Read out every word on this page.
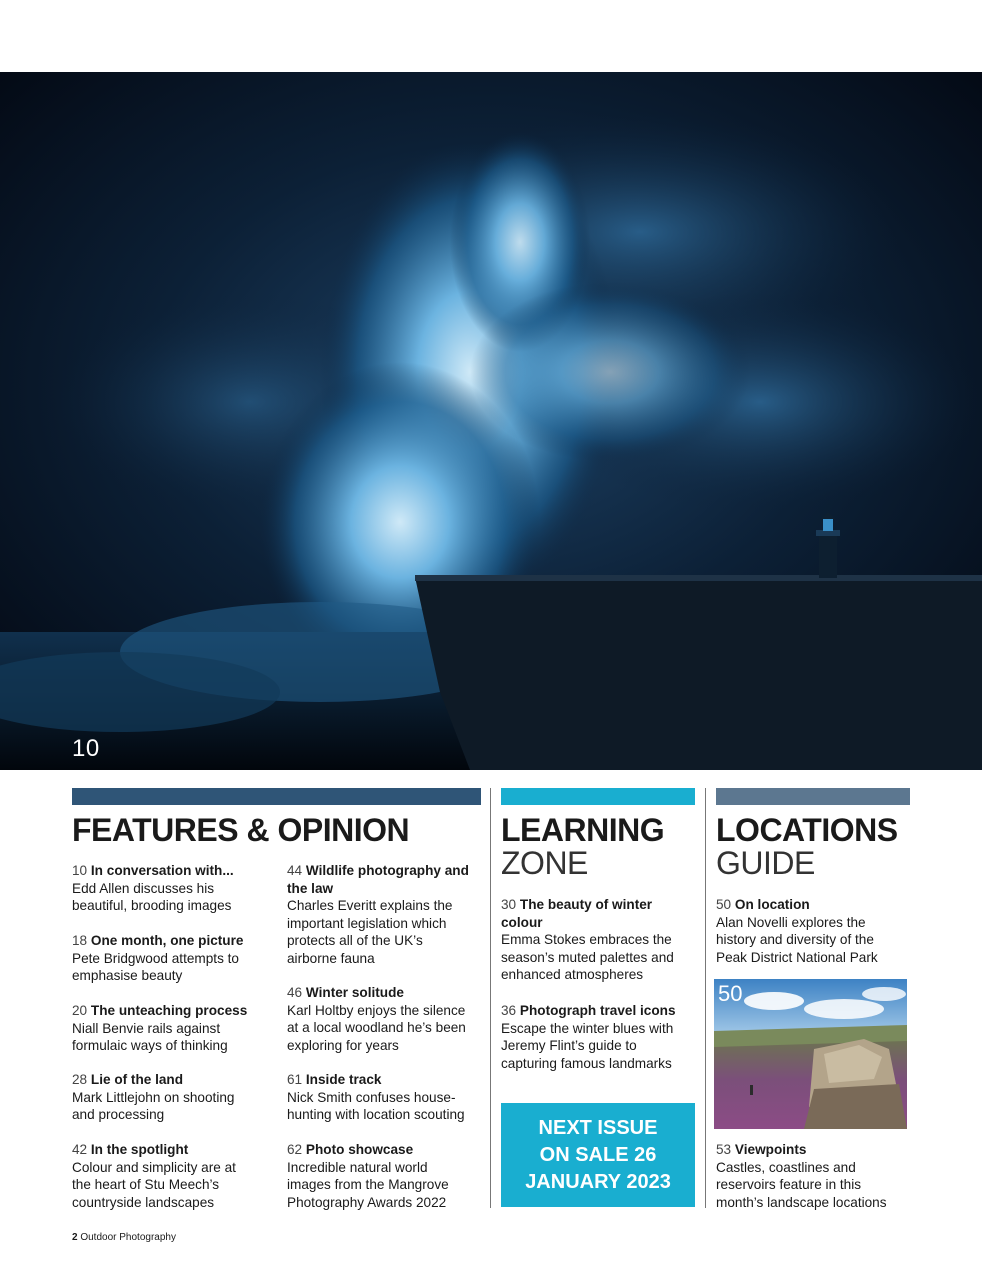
10
FEATURES & OPINION
10 In conversation with...
Edd Allen discusses his beautiful, brooding images
18 One month, one picture
Pete Bridgwood attempts to emphasise beauty
20 The unteaching process
Niall Benvie rails against formulaic ways of thinking
28 Lie of the land
Mark Littlejohn on shooting and processing
42 In the spotlight
Colour and simplicity are at the heart of Stu Meech’s countryside landscapes
44 Wildlife photography and the law
Charles Everitt explains the important legislation which protects all of the UK’s airborne fauna
46 Winter solitude
Karl Holtby enjoys the silence at a local woodland he’s been exploring for years
61 Inside track
Nick Smith confuses house-hunting with location scouting
62 Photo showcase
Incredible natural world images from the Mangrove Photography Awards 2022
LEARNING
ZONE
30 The beauty of winter colour
Emma Stokes embraces the season’s muted palettes and enhanced atmospheres
36 Photograph travel icons
Escape the winter blues with Jeremy Flint’s guide to capturing famous landmarks
NEXT ISSUE
ON SALE 26
JANUARY 2023
LOCATIONS
GUIDE
50 On location
Alan Novelli explores the history and diversity of the Peak District National Park
50
53 Viewpoints
Castles, coastlines and reservoirs feature in this month’s landscape locations
2 Outdoor Photography
